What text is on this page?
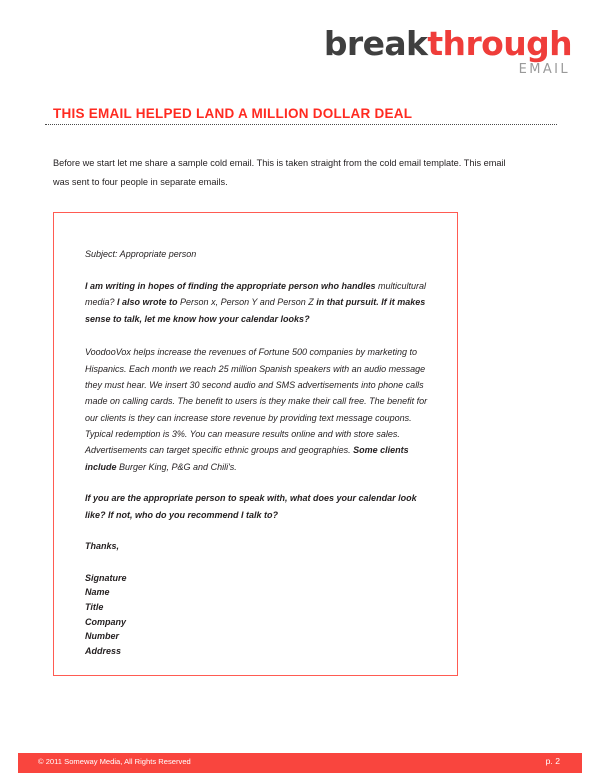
breakthrough
EMAIL
THIS EMAIL HELPED LAND A MILLION DOLLAR DEAL
Before we start let me share a sample cold email. This is taken straight from the cold email template. This email was sent to four people in separate emails.
Subject: Appropriate person

I am writing in hopes of finding the appropriate person who handles multicultural media? I also wrote to Person x, Person Y and Person Z in that pursuit. If it makes sense to talk, let me know how your calendar looks?

VoodooVox helps increase the revenues of Fortune 500 companies by marketing to Hispanics. Each month we reach 25 million Spanish speakers with an audio message they must hear. We insert 30 second audio and SMS advertisements into phone calls made on calling cards. The benefit to users is they make their call free. The benefit for our clients is they can increase store revenue by providing text message coupons. Typical redemption is 3%. You can measure results online and with store sales. Advertisements can target specific ethnic groups and geographies. Some clients include Burger King, P&G and Chili's.

If you are the appropriate person to speak with, what does your calendar look like? If not, who do you recommend I talk to?

Thanks,
Signature
Name
Title
Company
Number
Address
© 2011 Someway Media, All Rights Reserved	p. 2
